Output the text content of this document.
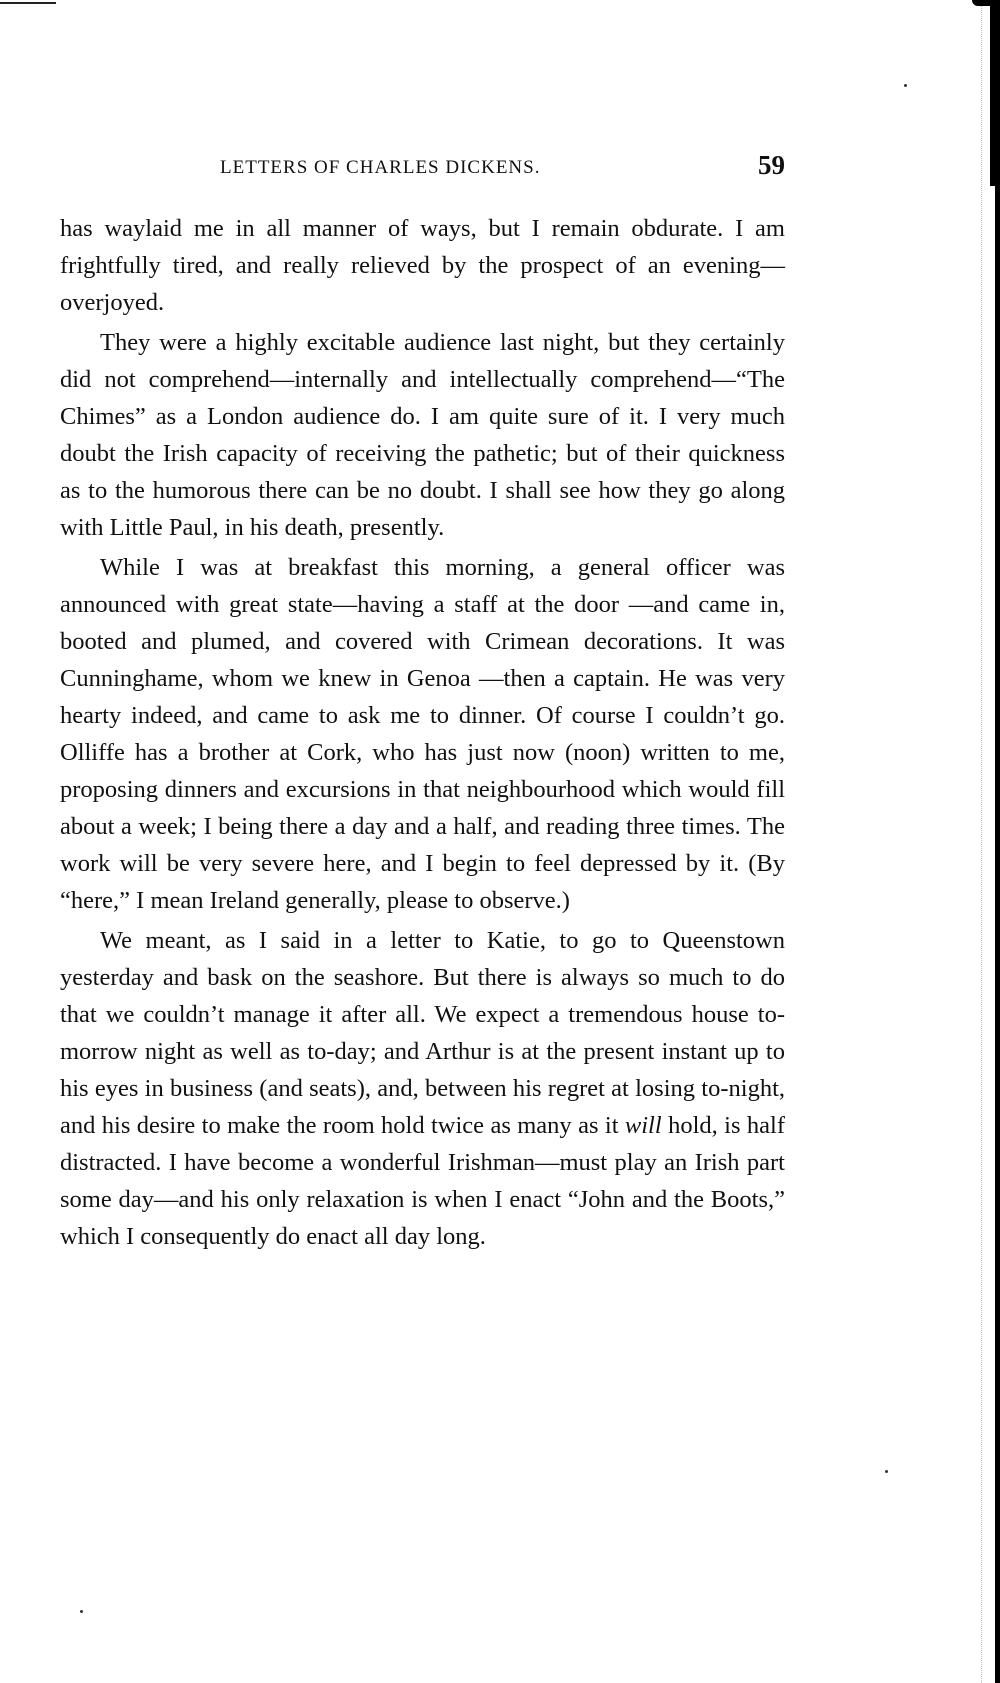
LETTERS OF CHARLES DICKENS.	59

has waylaid me in all manner of ways, but I remain obdurate. I am frightfully tired, and really relieved by the prospect of an evening—overjoyed.

They were a highly excitable audience last night, but they certainly did not comprehend—internally and intellectually comprehend—“The Chimes” as a London audience do. I am quite sure of it. I very much doubt the Irish capacity of receiving the pathetic; but of their quickness as to the humorous there can be no doubt. I shall see how they go along with Little Paul, in his death, presently.

While I was at breakfast this morning, a general officer was announced with great state—having a staff at the door —and came in, booted and plumed, and covered with Crimean decorations. It was Cunninghame, whom we knew in Genoa —then a captain. He was very hearty indeed, and came to ask me to dinner. Of course I couldn’t go. Olliffe has a brother at Cork, who has just now (noon) written to me, proposing dinners and excursions in that neighbourhood which would fill about a week; I being there a day and a half, and reading three times. The work will be very severe here, and I begin to feel depressed by it. (By “here,” I mean Ireland generally, please to observe.)

We meant, as I said in a letter to Katie, to go to Queenstown yesterday and bask on the seashore. But there is always so much to do that we couldn’t manage it after all. We expect a tremendous house to-morrow night as well as to-day; and Arthur is at the present instant up to his eyes in business (and seats), and, between his regret at losing to-night, and his desire to make the room hold twice as many as it will hold, is half distracted. I have become a wonderful Irishman—must play an Irish part some day—and his only relaxation is when I enact “John and the Boots,” which I consequently do enact all day long.
